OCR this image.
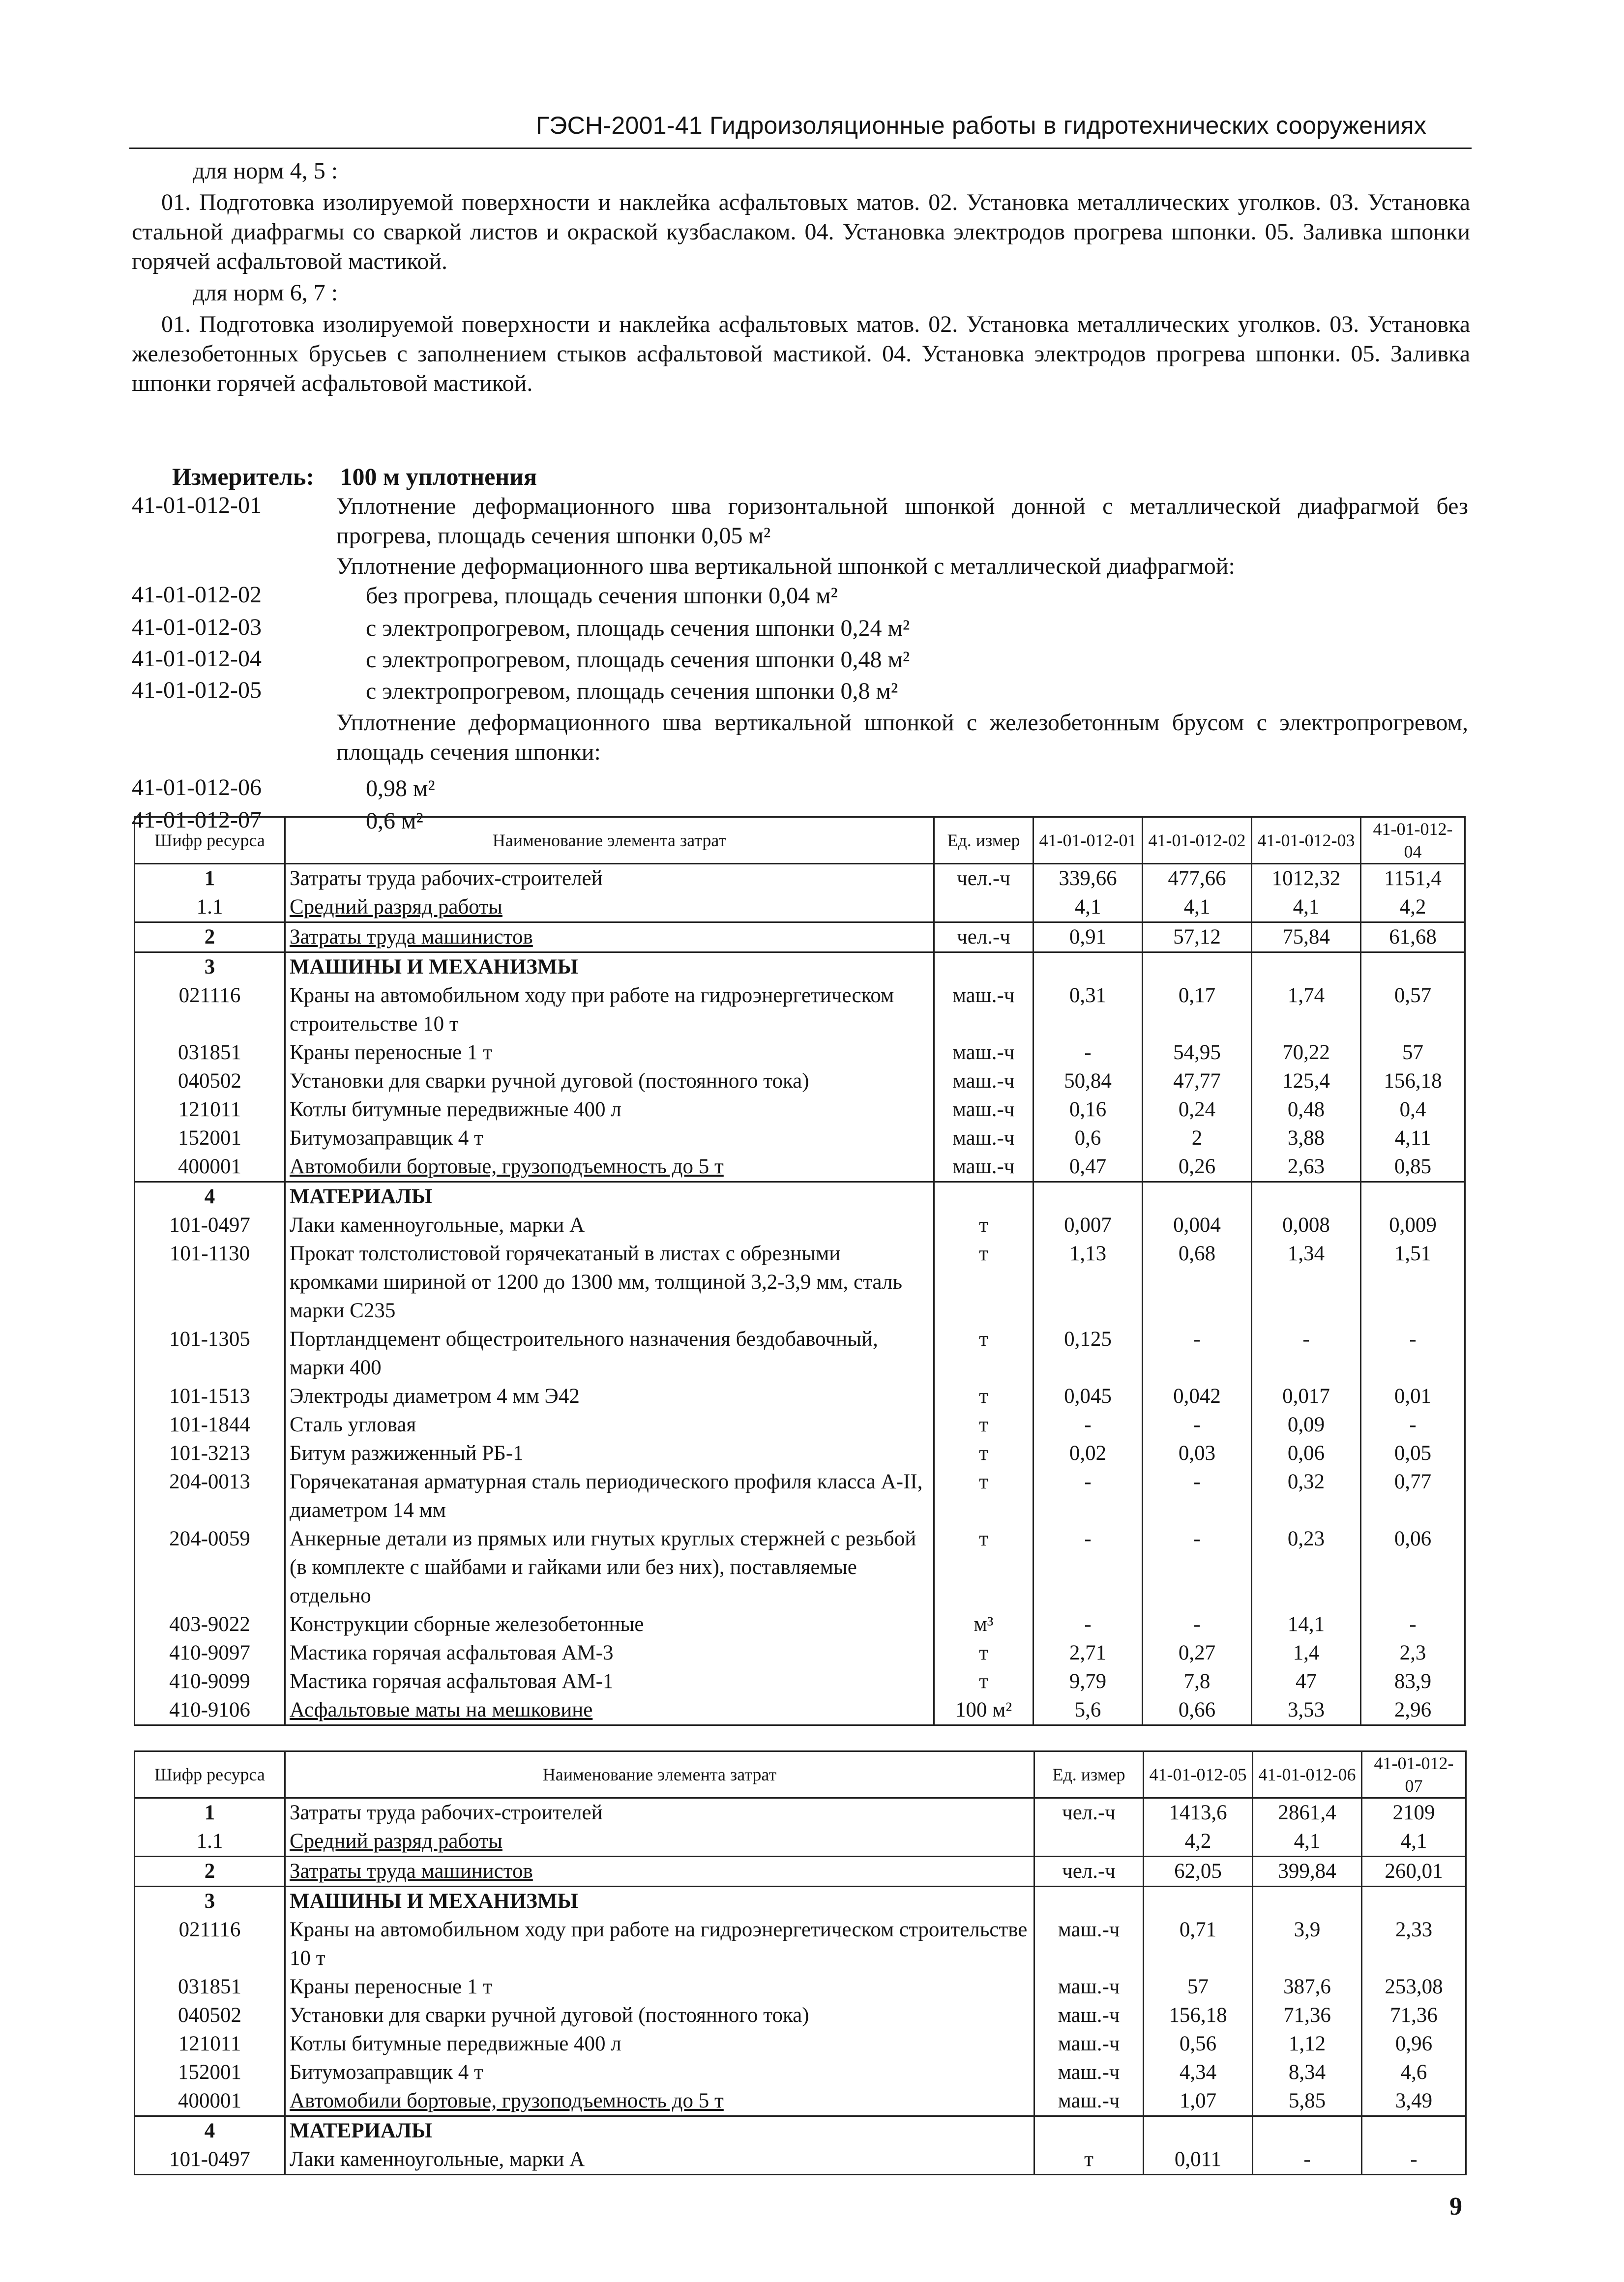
ГЭСН-2001-41 Гидроизоляционные работы в гидротехнических сооружениях

для норм 4, 5 :

01. Подготовка изолируемой поверхности и наклейка асфальтовых матов. 02. Установка металлических уголков. 03. Установка стальной диафрагмы со сваркой листов и окраской кузбаслаком. 04. Установка электродов прогрева шпонки. 05. Заливка шпонки горячей асфальтовой мастикой.

для норм 6, 7 :

01. Подготовка изолируемой поверхности и наклейка асфальтовых матов. 02. Установка металлических уголков. 03. Установка железобетонных брусьев с заполнением стыков асфальтовой мастикой. 04. Установка электродов прогрева шпонки. 05. Заливка шпонки горячей асфальтовой мастикой.

Измеритель: 100 м уплотнения
41-01-012-01	Уплотнение деформационного шва горизонтальной шпонкой донной с металлической диафрагмой без прогрева, площадь сечения шпонки 0,05 м²
Уплотнение деформационного шва вертикальной шпонкой с металлической диафрагмой:
41-01-012-02	без прогрева, площадь сечения шпонки 0,04 м²
41-01-012-03	с электропрогревом, площадь сечения шпонки 0,24 м²
41-01-012-04	с электропрогревом, площадь сечения шпонки 0,48 м²
41-01-012-05	с электропрогревом, площадь сечения шпонки 0,8 м²
Уплотнение деформационного шва вертикальной шпонкой с железобетонным брусом с электропрогревом, площадь сечения шпонки:
41-01-012-06	0,98 м²
41-01-012-07	0,6 м²
Шифр ресурса	Наименование элемента затрат	Ед. измер	41-01-012-01	41-01-012-02	41-01-012-03	41-01-012-04
1	Затраты труда рабочих-строителей	чел.-ч	339,66	477,66	1012,32	1151,4
1.1	Средний разряд работы		4,1	4,1	4,1	4,2
2	Затраты труда машинистов	чел.-ч	0,91	57,12	75,84	61,68
3	МАШИНЫ И МЕХАНИЗМЫ					
021116	Краны на автомобильном ходу при работе на гидроэнергетическом строительстве 10 т	маш.-ч	0,31	0,17	1,74	0,57
031851	Краны переносные 1 т	маш.-ч	-	54,95	70,22	57
040502	Установки для сварки ручной дуговой (постоянного тока)	маш.-ч	50,84	47,77	125,4	156,18
121011	Котлы битумные передвижные 400 л	маш.-ч	0,16	0,24	0,48	0,4
152001	Битумозаправщик 4 т	маш.-ч	0,6	2	3,88	4,11
400001	Автомобили бортовые, грузоподъемность до 5 т	маш.-ч	0,47	0,26	2,63	0,85
4	МАТЕРИАЛЫ					
101-0497	Лаки каменноугольные, марки А	т	0,007	0,004	0,008	0,009
101-1130	Прокат толстолистовой горячекатаный в листах с обрезными кромками шириной от 1200 до 1300 мм, толщиной 3,2-3,9 мм, сталь марки С235	т	1,13	0,68	1,34	1,51
101-1305	Портландцемент общестроительного назначения бездобавочный, марки 400	т	0,125	-	-	-
101-1513	Электроды диаметром 4 мм Э42	т	0,045	0,042	0,017	0,01
101-1844	Сталь угловая	т	-	-	0,09	-
101-3213	Битум разжиженный РБ-1	т	0,02	0,03	0,06	0,05
204-0013	Горячекатаная арматурная сталь периодического профиля класса А-II, диаметром 14 мм	т	-	-	0,32	0,77
204-0059	Анкерные детали из прямых или гнутых круглых стержней с резьбой (в комплекте с шайбами и гайками или без них), поставляемые отдельно	т	-	-	0,23	0,06
403-9022	Конструкции сборные железобетонные	м³	-	-	14,1	-
410-9097	Мастика горячая асфальтовая АМ-3	т	2,71	0,27	1,4	2,3
410-9099	Мастика горячая асфальтовая АМ-1	т	9,79	7,8	47	83,9
410-9106	Асфальтовые маты на мешковине	100 м²	5,6	0,66	3,53	2,96
Шифр ресурса	Наименование элемента затрат	Ед. измер	41-01-012-05	41-01-012-06	41-01-012-07
1	Затраты труда рабочих-строителей	чел.-ч	1413,6	2861,4	2109
1.1	Средний разряд работы		4,2	4,1	4,1
2	Затраты труда машинистов	чел.-ч	62,05	399,84	260,01
3	МАШИНЫ И МЕХАНИЗМЫ				
021116	Краны на автомобильном ходу при работе на гидроэнергетическом строительстве 10 т	маш.-ч	0,71	3,9	2,33
031851	Краны переносные 1 т	маш.-ч	57	387,6	253,08
040502	Установки для сварки ручной дуговой (постоянного тока)	маш.-ч	156,18	71,36	71,36
121011	Котлы битумные передвижные 400 л	маш.-ч	0,56	1,12	0,96
152001	Битумозаправщик 4 т	маш.-ч	4,34	8,34	4,6
400001	Автомобили бортовые, грузоподъемность до 5 т	маш.-ч	1,07	5,85	3,49
4	МАТЕРИАЛЫ				
101-0497	Лаки каменноугольные, марки А	т	0,011	-	-
9
